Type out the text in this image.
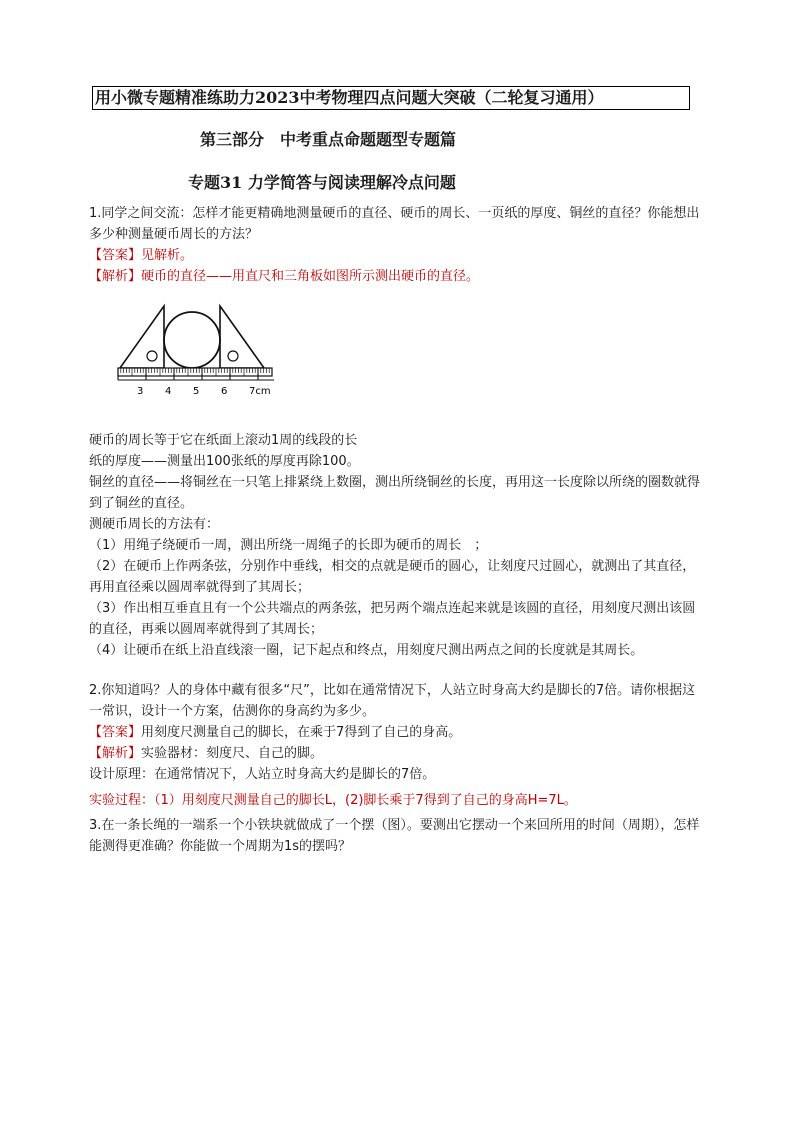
用小微专题精准练助力2023中考物理四点问题大突破（二轮复习通用）
第三部分　中考重点命题题型专题篇
专题31 力学简答与阅读理解冷点问题

1.同学之间交流：怎样才能更精确地测量硬币的直径、硬币的周长、一页纸的厚度、铜丝的直径？你能想出多少种测量硬币周长的方法？

【答案】见解析。

【解析】硬币的直径——用直尺和三角板如图所示测出硬币的直径。

3 4 5 6 7cm

硬币的周长等于它在纸面上滚动1周的线段的长

纸的厚度——测量出100张纸的厚度再除100。

铜丝的直径——将铜丝在一只笔上排紧绕上数圈，测出所绕铜丝的长度，再用这一长度除以所绕的圈数就得到了铜丝的直径。

测硬币周长的方法有：

（1）用绳子绕硬币一周，测出所绕一周绳子的长即为硬币的周长　；

（2）在硬币上作两条弦，分别作中垂线，相交的点就是硬币的圆心，让刻度尺过圆心，就测出了其直径，再用直径乘以圆周率就得到了其周长；

（3）作出相互垂直且有一个公共端点的两条弦，把另两个端点连起来就是该圆的直径，用刻度尺测出该圆的直径，再乘以圆周率就得到了其周长；

（4）让硬币在纸上沿直线滚一圈，记下起点和终点，用刻度尺测出两点之间的长度就是其周长。

2.你知道吗？人的身体中藏有很多“尺”，比如在通常情况下，人站立时身高大约是脚长的7倍。请你根据这一常识，设计一个方案，估测你的身高约为多少。

【答案】用刻度尺测量自己的脚长，在乘于7得到了自己的身高。

【解析】实验器材：刻度尺、自己的脚。

设计原理：在通常情况下，人站立时身高大约是脚长的7倍。

实验过程：（1）用刻度尺测量自己的脚长L，(2)脚长乘于7得到了自己的身高H=7L。

3.在一条长绳的一端系一个小铁块就做成了一个摆（图）。要测出它摆动一个来回所用的时间（周期），怎样能测得更准确？你能做一个周期为1s的摆吗？
